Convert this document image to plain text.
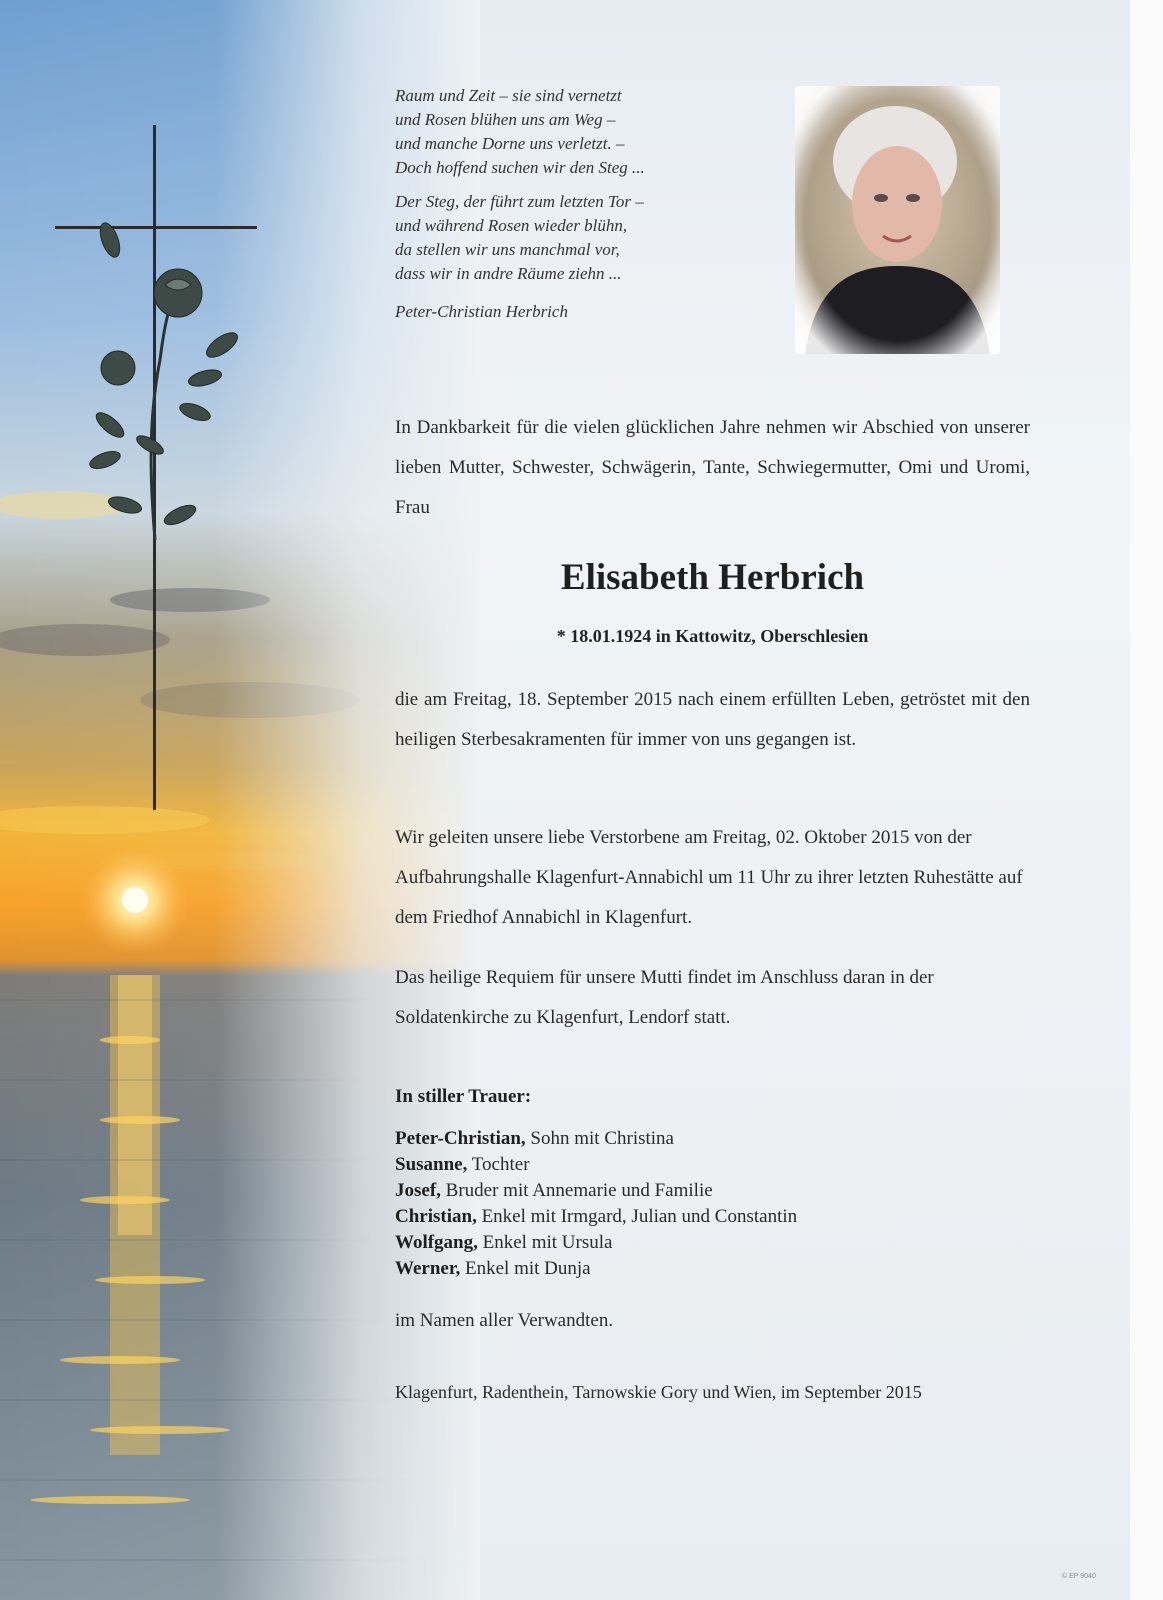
Raum und Zeit – sie sind vernetzt
und Rosen blühen uns am Weg –
und manche Dorne uns verletzt. –
Doch hoffend suchen wir den Steg ...
Der Steg, der führt zum letzten Tor –
und während Rosen wieder blühn,
da stellen wir uns manchmal vor,
dass wir in andre Räume ziehn ...
Peter-Christian Herbrich
In Dankbarkeit für die vielen glücklichen Jahre nehmen wir Abschied von unserer lieben Mutter, Schwester, Schwägerin, Tante, Schwiegermutter, Omi und Uromi, Frau
Elisabeth Herbrich
* 18.01.1924 in Kattowitz, Oberschlesien
die am Freitag, 18. September 2015 nach einem erfüllten Leben, getröstet mit den heiligen Sterbesakramenten für immer von uns gegangen ist.
Wir geleiten unsere liebe Verstorbene am Freitag, 02. Oktober 2015 von der Aufbahrungshalle Klagenfurt-Annabichl um 11 Uhr zu ihrer letzten Ruhestätte auf dem Friedhof Annabichl in Klagenfurt.
Das heilige Requiem für unsere Mutti findet im Anschluss daran in der Soldatenkirche zu Klagenfurt, Lendorf statt.
In stiller Trauer:
Peter-Christian, Sohn mit Christina
Susanne, Tochter
Josef, Bruder mit Annemarie und Familie
Christian, Enkel mit Irmgard, Julian und Constantin
Wolfgang, Enkel mit Ursula
Werner, Enkel mit Dunja
im Namen aller Verwandten.
Klagenfurt, Radenthein, Tarnowskie Gory und Wien, im September 2015
© EP 9040
